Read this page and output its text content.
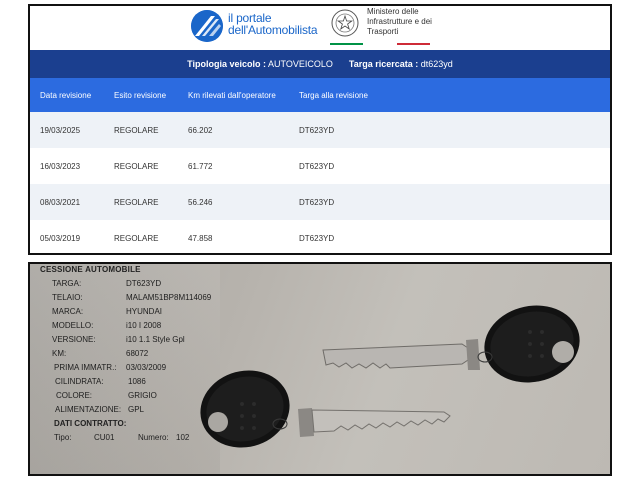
il portale
dell'Automobilista
Ministero delle
Infrastrutture e dei
Trasporti
Tipologia veicolo : AUTOVEICOLO Targa ricercata : dt623yd
Data revisione	Esito revisione	Km rilevati dall'operatore	Targa alla revisione
19/03/2025	REGOLARE	66.202	DT623YD
16/03/2023	REGOLARE	61.772	DT623YD
08/03/2021	REGOLARE	56.246	DT623YD
05/03/2019	REGOLARE	47.858	DT623YD
CESSIONE AUTOMOBILE
TARGA:	DT623YD
TELAIO:	MALAM51BP8M114069
MARCA:	HYUNDAI
MODELLO:	i10 I 2008
VERSIONE:	i10 1.1 Style Gpl
KM:	68072
PRIMA IMMATR.: 03/03/2009
CILINDRATA:	1086
COLORE:	GRIGIO
ALIMENTAZIONE: GPL
DATI CONTRATTO:
Tipo:	CU01	Numero: 102
